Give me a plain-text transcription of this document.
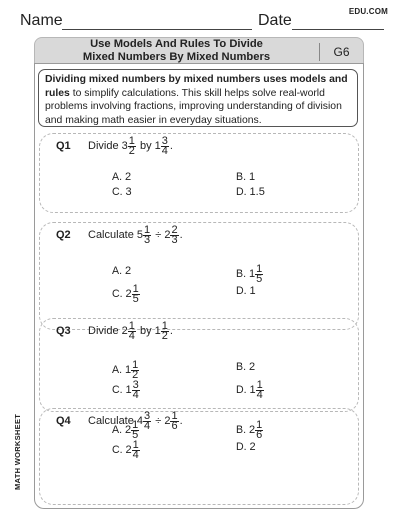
Name	Date
EDU.COM
Use Models And Rules To Divide
Mixed Numbers By Mixed Numbers	G6
Dividing mixed numbers by mixed numbers uses models and rules to simplify calculations. This skill helps solve real-world problems involving fractions, improving understanding of division and making math easier in everyday situations.
Q1 Divide $3 \frac{1}{2}$ by $1 \frac{3}{4}$ .
A. 2	B. 1
C. 3	D. 1.5
Q2 Calculate $5 \frac{1}{3} \div 2 \frac{2}{3}$ .
A. 2	B. $1 \frac{1}{5}$
C. $2 \frac{1}{5}$	D. 1
Q3 Divide $2 \frac{1}{4}$ by $1 \frac{1}{2}$ .
A. $1 \frac{1}{2}$	B. 2
C. $1 \frac{3}{4}$	D. $1 \frac{1}{4}$
Q4 Calculate $4 \frac{3}{4} \div 2 \frac{1}{6}$ .
A. $2 \frac{1}{5}$	B. $2 \frac{1}{6}$
C. $2 \frac{1}{4}$	D. 2
MATH WORKSHEET
